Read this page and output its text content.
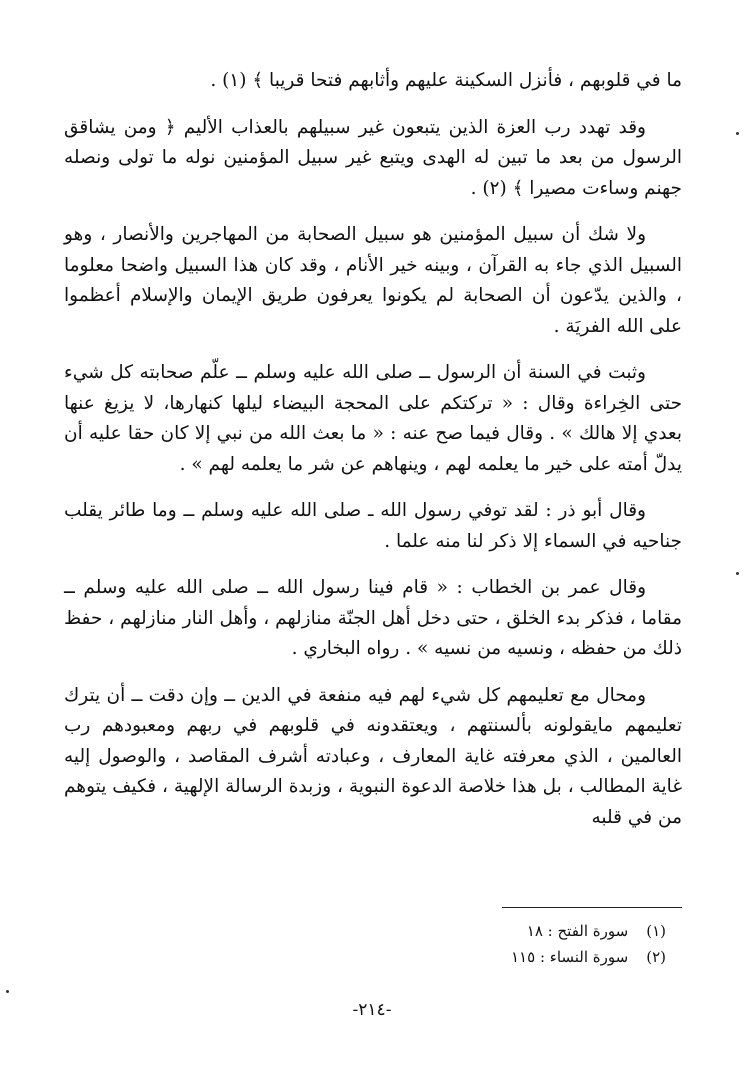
ما في قلوبهم ، فأنزل السكينة عليهم وأثابهم فتحا قريبا ﴾ (١) .

وقد تهدد رب العزة الذين يتبعون غير سبيلهم بالعذاب الأليم ﴿ ومن يشاقق الرسول من بعد ما تبين له الهدى ويتبع غير سبيل المؤمنين نوله ما تولى ونصله جهنم وساءت مصيرا ﴾ (٢) .

ولا شك أن سبيل المؤمنين هو سبيل الصحابة من المهاجرين والأنصار ، وهو السبيل الذي جاء به القرآن ، وبينه خير الأنام ، وقد كان هذا السبيل واضحا معلوما ، والذين يدّعون أن الصحابة لم يكونوا يعرفون طريق الإيمان والإسلام أعظموا على الله الفريَة .

وثبت في السنة أن الرسول ــ صلى الله عليه وسلم ــ علّم صحابته كل شيء حتى الخِراءة وقال : « تركتكم على المحجة البيضاء ليلها كنهارها، لا يزيغ عنها بعدي إلا هالك » . وقال فيما صح عنه : « ما بعث الله من نبي إلا كان حقا عليه أن يدلّ أمته على خير ما يعلمه لهم ، وينهاهم عن شر ما يعلمه لهم » .

وقال أبو ذر : لقد توفي رسول الله ـ صلى الله عليه وسلم ــ وما طائر يقلب جناحيه في السماء إلا ذكر لنا منه علما .

وقال عمر بن الخطاب : « قام فينا رسول الله ــ صلى الله عليه وسلم ــ مقاما ، فذكر بدء الخلق ، حتى دخل أهل الجنّة منازلهم ، وأهل النار منازلهم ، حفظ ذلك من حفظه ، ونسيه من نسيه » . رواه البخاري .

ومحال مع تعليمهم كل شيء لهم فيه منفعة في الدين ــ وإن دقت ــ أن يترك تعليمهم مايقولونه بألسنتهم ، ويعتقدونه في قلوبهم في ربهم ومعبودهم رب العالمين ، الذي معرفته غاية المعارف ، وعبادته أشرف المقاصد ، والوصول إليه غاية المطالب ، بل هذا خلاصة الدعوة النبوية ، وزبدة الرسالة الإلهية ، فكيف يتوهم من في قلبه

(١)
سورة الفتح : ١٨
(٢)
سورة النساء : ١١٥
-٢١٤-
